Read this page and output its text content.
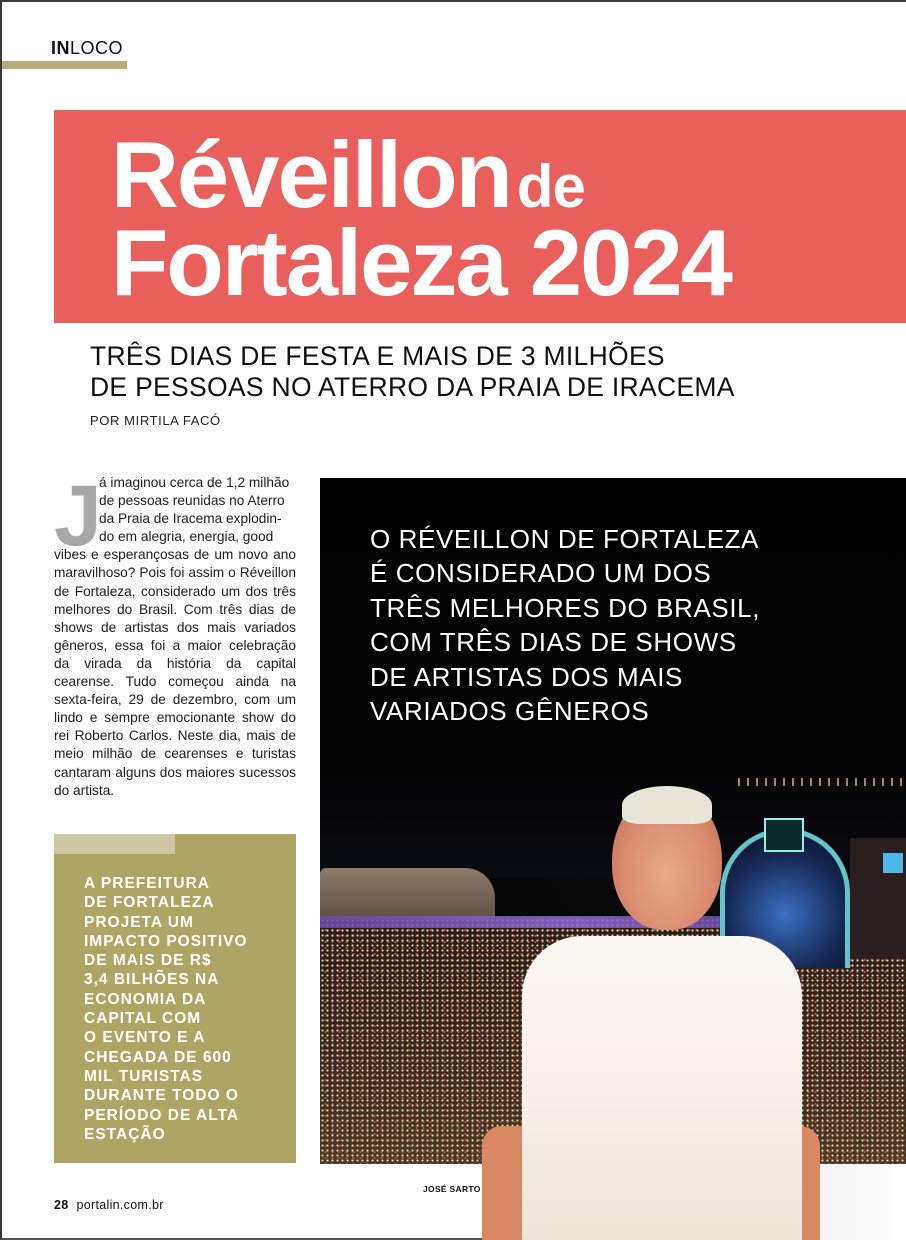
INLOCO
Réveillon de
Fortaleza 2024
TRÊS DIAS DE FESTA E MAIS DE 3 MILHÕES
DE PESSOAS NO ATERRO DA PRAIA DE IRACEMA
POR MIRTILA FACÓ
J
á imaginou cerca de 1,2 milhão
de pessoas reunidas no Aterro
da Praia de Iracema explodin-
do em alegria, energia, good
vibes e esperançosas de um novo ano maravilhoso? Pois foi assim o Réveillon de Fortaleza, considerado um dos três melhores do Brasil. Com três dias de shows de artistas dos mais variados gêneros, essa foi a maior celebração da virada da história da capital cearense. Tudo começou ainda na sexta-feira, 29 de dezembro, com um lindo e sempre emocionante show do rei Roberto Carlos. Neste dia, mais de meio milhão de cearenses e turistas cantaram alguns dos maiores sucessos do artista.
A PREFEITURA
DE FORTALEZA
PROJETA UM
IMPACTO POSITIVO
DE MAIS DE R$
3,4 BILHÕES NA
ECONOMIA DA
CAPITAL COM
O EVENTO E A
CHEGADA DE 600
MIL TURISTAS
DURANTE TODO O
PERÍODO DE ALTA
ESTAÇÃO
O RÉVEILLON DE FORTALEZA
É CONSIDERADO UM DOS
TRÊS MELHORES DO BRASIL,
COM TRÊS DIAS DE SHOWS
DE ARTISTAS DOS MAIS
VARIADOS GÊNEROS
JOSÉ SARTO
28 portalin.com.br
